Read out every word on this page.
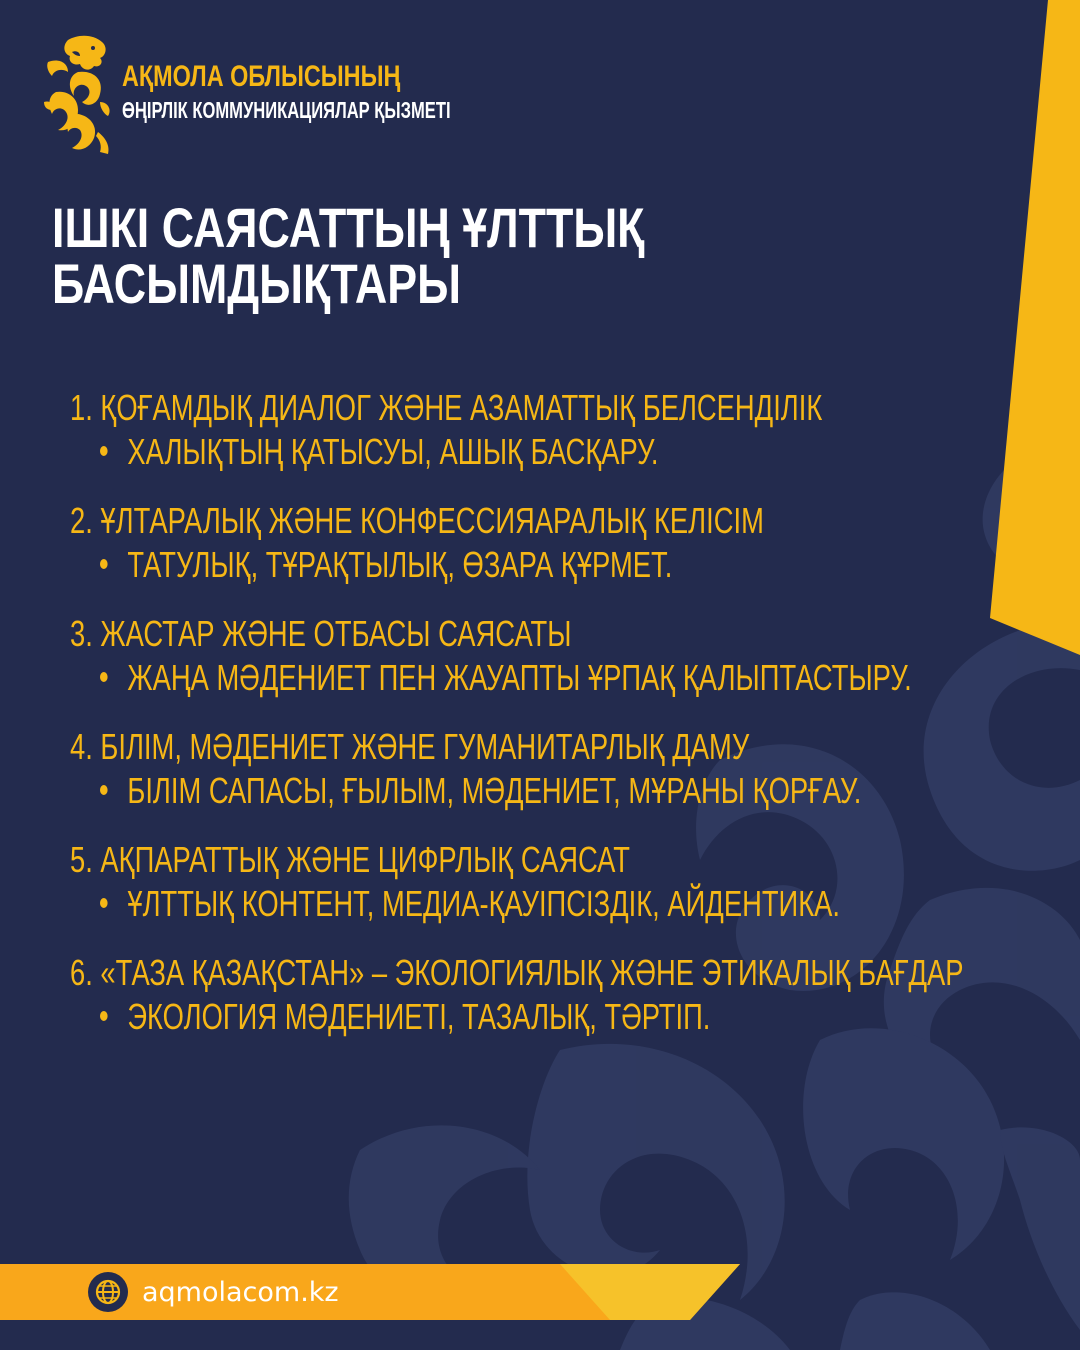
АҚМОЛА ОБЛЫСЫНЫҢ
ӨҢІРЛІК КОММУНИКАЦИЯЛАР ҚЫЗМЕТІ
ІШКІ САЯСАТТЫҢ ҰЛТТЫҚ
БАСЫМДЫҚТАРЫ
1. ҚОҒАМДЫҚ ДИАЛОГ ЖӘНЕ АЗАМАТТЫҚ БЕЛСЕНДІЛІК
ХАЛЫҚТЫҢ ҚАТЫСУЫ, АШЫҚ БАСҚАРУ.
2. ҰЛТАРАЛЫҚ ЖӘНЕ КОНФЕССИЯАРАЛЫҚ КЕЛІСІМ
ТАТУЛЫҚ, ТҰРАҚТЫЛЫҚ, ӨЗАРА ҚҰРМЕТ.
3. ЖАСТАР ЖӘНЕ ОТБАСЫ САЯСАТЫ
ЖАҢА МӘДЕНИЕТ ПЕН ЖАУАПТЫ ҰРПАҚ ҚАЛЫПТАСТЫРУ.
4. БІЛІМ, МӘДЕНИЕТ ЖӘНЕ ГУМАНИТАРЛЫҚ ДАМУ
БІЛІМ САПАСЫ, ҒЫЛЫМ, МӘДЕНИЕТ, МҰРАНЫ ҚОРҒАУ.
5. АҚПАРАТТЫҚ ЖӘНЕ ЦИФРЛЫҚ САЯСАТ
ҰЛТТЫҚ КОНТЕНТ, МЕДИА-ҚАУІПСІЗДІК, АЙДЕНТИКА.
6. «ТАЗА ҚАЗАҚСТАН» – ЭКОЛОГИЯЛЫҚ ЖӘНЕ ЭТИКАЛЫҚ БАҒДАР
ЭКОЛОГИЯ МӘДЕНИЕТІ, ТАЗАЛЫҚ, ТӘРТІП.
aqmolacom.kz
